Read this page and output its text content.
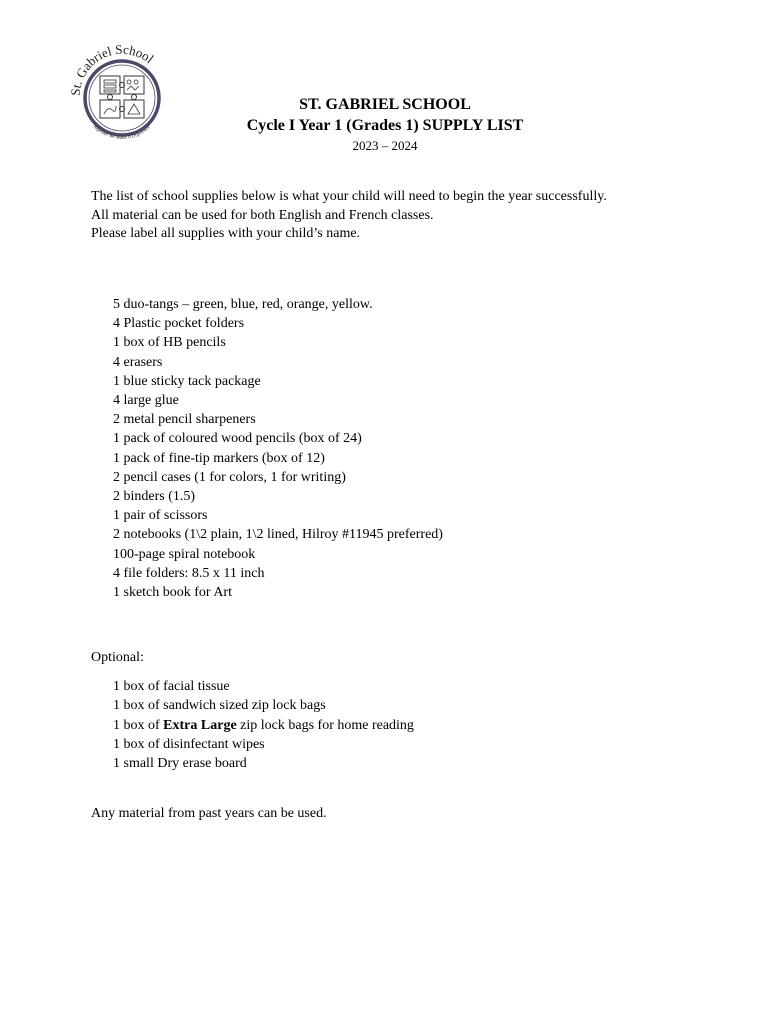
St. Gabriel School
"Together We Make A Difference"

ST. GABRIEL SCHOOL

Cycle I Year 1 (Grades 1) SUPPLY LIST

2023 – 2024

The list of school supplies below is what your child will need to begin the year successfully.

All material can be used for both English and French classes.

Please label all supplies with your child’s name.

5 duo-tangs – green, blue, red, orange, yellow.
4 Plastic pocket folders
1 box of HB pencils
4 erasers
1 blue sticky tack package
4 large glue
2 metal pencil sharpeners
1 pack of coloured wood pencils (box of 24)
1 pack of fine-tip markers (box of 12)
2 pencil cases (1 for colors, 1 for writing)
2 binders (1.5)
1 pair of scissors
2 notebooks (1\2 plain, 1\2 lined, Hilroy #11945 preferred)
100-page spiral notebook
4 file folders: 8.5 x 11 inch
1 sketch book for Art

Optional:

1 box of facial tissue
1 box of sandwich sized zip lock bags
1 box of Extra Large zip lock bags for home reading
1 box of disinfectant wipes
1 small Dry erase board

Any material from past years can be used.
